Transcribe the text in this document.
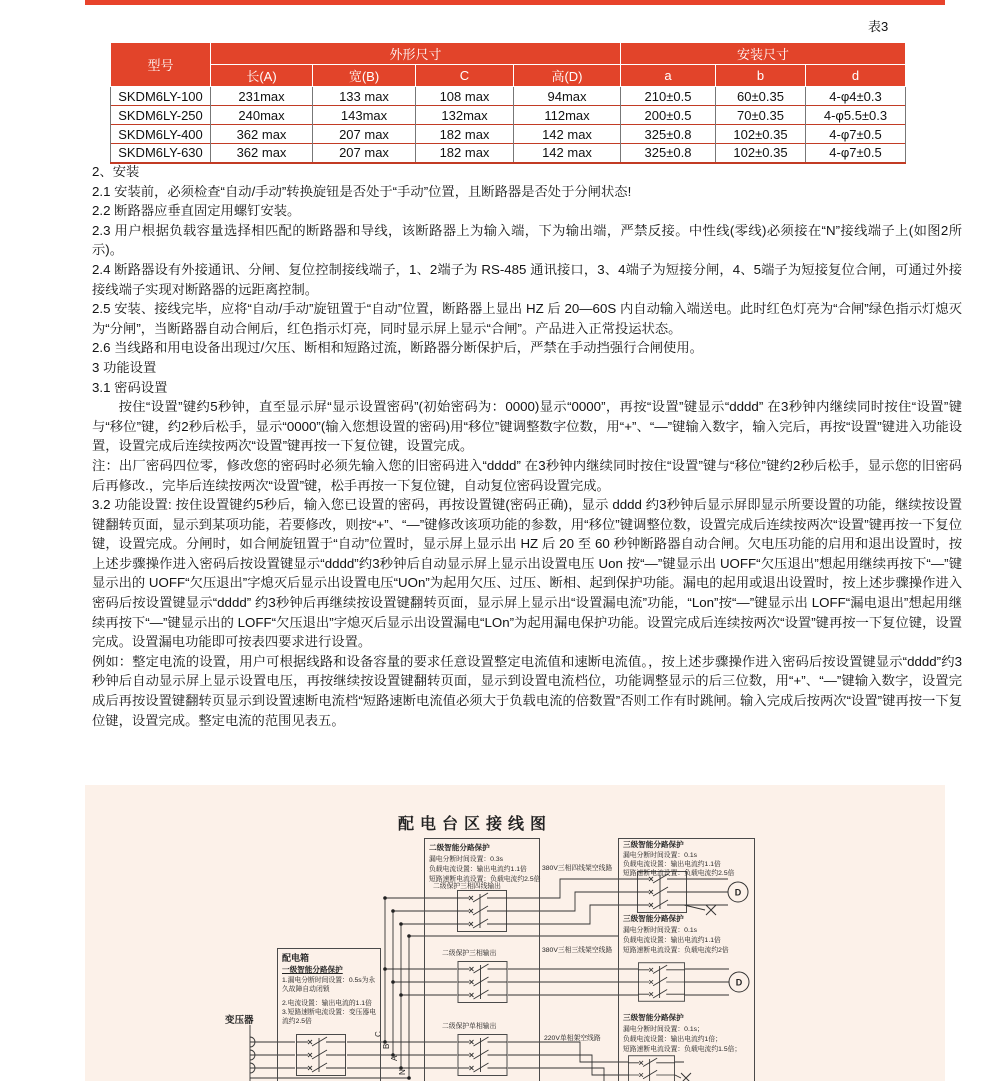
表3
型号	外形尺寸				安装尺寸		
	长(A)	宽(B)	C	高(D)	a	b	d
SKDM6LY-100	231max	133 max	108 max	94max	210±0.5	60±0.35	4-φ4±0.3
SKDM6LY-250	240max	143max	132max	112max	200±0.5	70±0.35	4-φ5.5±0.3
SKDM6LY-400	362 max	207 max	182 max	142 max	325±0.8	102±0.35	4-φ7±0.5
SKDM6LY-630	362 max	207 max	182 max	142 max	325±0.8	102±0.35	4-φ7±0.5

2、安装

2.1 安装前，必须检查“自动/手动”转换旋钮是否处于“手动”位置，且断路器是否处于分闸状态!

2.2 断路器应垂直固定用螺钉安装。

2.3 用户根据负载容量选择相匹配的断路器和导线，该断路器上为输入端，下为输出端，严禁反接。中性线(零线)必须接在“N”接线端子上(如图2所示)。

2.4 断路器设有外接通讯、分闸、复位控制接线端子，1、2端子为 RS-485 通讯接口，3、4端子为短接分闸，4、5端子为短接复位合闸，可通过外接接线端子实现对断路器的远距离控制。

2.5 安装、接线完毕，应将“自动/手动”旋钮置于“自动”位置，断路器上显出 HZ 后 20—60S 内自动输入端送电。此时红色灯亮为“合闸”绿色指示灯熄灭为“分闸”，当断路器自动合闸后，红色指示灯亮，同时显示屏上显示“合闸”。产品进入正常投运状态。

2.6 当线路和用电设备出现过/欠压、断相和短路过流，断路器分断保护后，严禁在手动挡强行合闸使用。

3 功能设置

3.1 密码设置

按住“设置”键约5秒钟，直至显示屏“显示设置密码”(初始密码为：0000)显示“0000”，再按“设置”键显示“dddd” 在3秒钟内继续同时按住“设置”键与“移位”键，约2秒后松手，显示“0000”(输入您想设置的密码)用“移位”键调整数字位数，用“+”、“—”键输入数字，输入完后，再按“设置”键进入功能设置，设置完成后连续按两次“设置”键再按一下复位键，设置完成。

注：出厂密码四位零，修改您的密码时必须先输入您的旧密码进入“dddd” 在3秒钟内继续同时按住“设置”键与“移位”键约2秒后松手，显示您的旧密码后再修改.，完毕后连续按两次“设置”键，松手再按一下复位键，自动复位密码设置完成。

3.2 功能设置: 按住设置键约5秒后，输入您已设置的密码，再按设置键(密码正确)，显示 dddd 约3秒钟后显示屏即显示所要设置的功能，继续按设置键翻转页面，显示到某项功能，若要修改，则按“+”、“—”键修改该项功能的参数，用“移位”键调整位数，设置完成后连续按两次“设置”键再按一下复位键，设置完成。分闸时，如合闸旋钮置于“自动”位置时，显示屏上显示出 HZ 后 20 至 60 秒钟断路器自动合闸。欠电压功能的启用和退出设置时，按上述步骤操作进入密码后按设置键显示“dddd”约3秒钟后自动显示屏上显示出设置电压 Uon 按“—”键显示出 UOFF“欠压退出”想起用继续再按下“—”键显示出的 UOFF“欠压退出”字熄灭后显示出设置电压“UOn”为起用欠压、过压、断相、起到保护功能。漏电的起用或退出设置时，按上述步骤操作进入密码后按设置键显示“dddd” 约3秒钟后再继续按设置键翻转页面，显示屏上显示出“设置漏电流”功能，“Lon”按“—”键显示出 LOFF“漏电退出”想起用继续再按下“—”键显示出的 LOFF“欠压退出”字熄灭后显示出设置漏电“LOn”为起用漏电保护功能。设置完成后连续按两次“设置”键再按一下复位键，设置完成。设置漏电功能即可按表四要求进行设置。

例如：整定电流的设置，用户可根据线路和设备容量的要求任意设置整定电流值和速断电流值。，按上述步骤操作进入密码后按设置键显示“dddd”约3秒钟后自动显示屏上显示设置电压，再按继续按设置键翻转页面，显示到设置电流档位，功能调整显示的后三位数，用“+”、“—”键输入数字，设置完成后再按设置键翻转页显示到设置速断电流档“短路速断电流值必须大于负载电流的倍数置”否则工作有时跳闸。输入完成后按两次“设置”键再按一下复位键，设置完成。整定电流的范围见表五。

配电台区接线图
D
D
C
B
A
N
二级智能分路保护
漏电分断时间设置：0.3s
负载电流设置：输出电流约1.1倍
短路速断电流设置：负载电流约2.5倍
二级保护三相四线输出
二级保护三相输出
二级保护单相输出
380V三相四线架空线路
380V三相三线架空线路
220V单相架空线路
三级智能分路保护
漏电分断时间设置：0.1s
负载电流设置：输出电流约1.1倍
短路速断电流设置：负载电流约2.5倍
三级智能分路保护
漏电分断时间设置：0.1s
负载电流设置：输出电流约1.1倍
短路速断电流设置：负载电流约2倍
三级智能分路保护
漏电分断时间设置：0.1s；
负载电流设置：输出电流约1倍；
短路速断电流设置：负载电流约1.5倍；
配电箱
一级智能分路保护
1.漏电分断时间设置：0.5s为永久故障自动闭锁
2.电流设置：输出电流的1.1倍
3.短路速断电流设置：变压器电流约2.5倍
变压器
